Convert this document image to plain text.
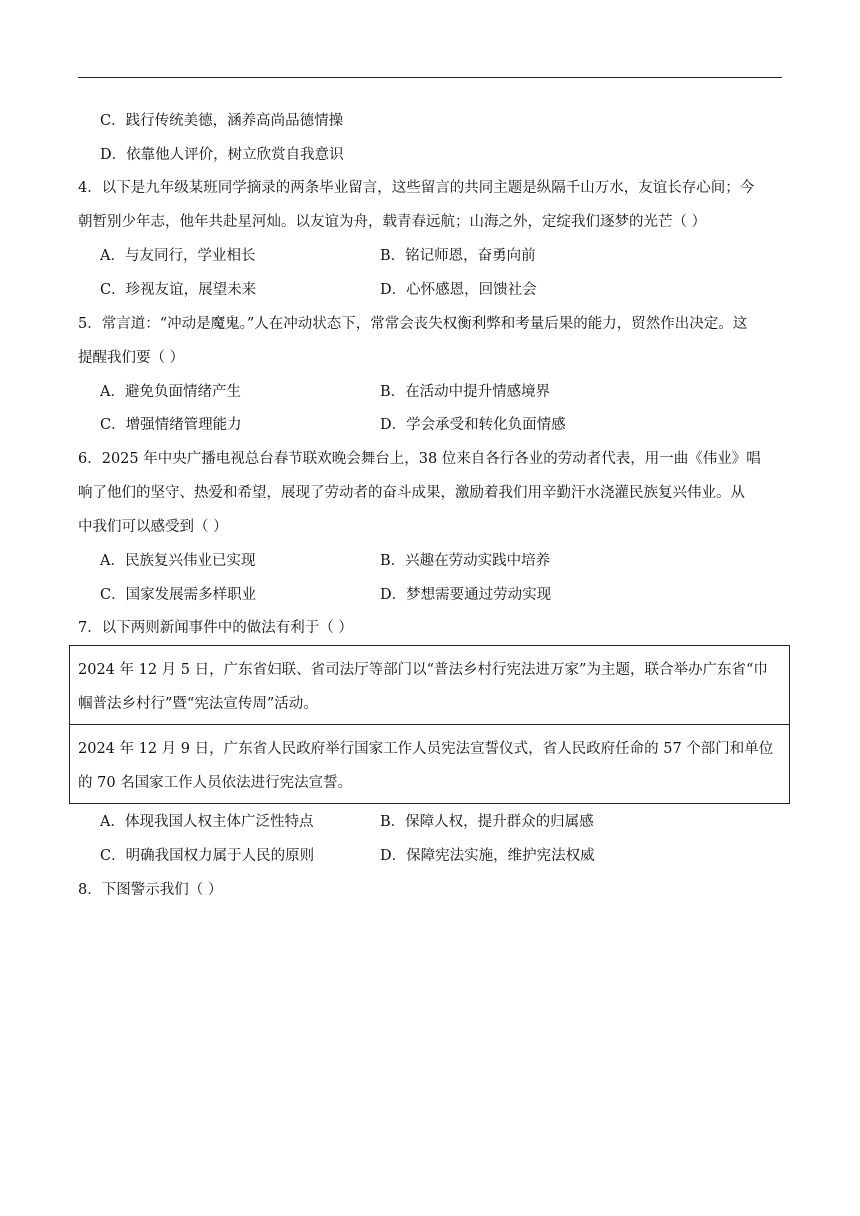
C．践行传统美德，涵养高尚品德情操
D．依靠他人评价，树立欣赏自我意识
4．以下是九年级某班同学摘录的两条毕业留言，这些留言的共同主题是纵隔千山万水，友谊长存心间；今
朝暂别少年志，他年共赴星河灿。以友谊为舟，载青春远航；山海之外，定绽我们逐梦的光芒（ ）
A．与友同行，学业相长	B．铭记师恩，奋勇向前
C．珍视友谊，展望未来	D．心怀感恩，回馈社会
5．常言道：“冲动是魔鬼。”人在冲动状态下，常常会丧失权衡利弊和考量后果的能力，贸然作出决定。这
提醒我们要（ ）
A．避免负面情绪产生	B．在活动中提升情感境界
C．增强情绪管理能力	D．学会承受和转化负面情感
6．2025 年中央广播电视总台春节联欢晚会舞台上，38 位来自各行各业的劳动者代表，用一曲《伟业》唱
响了他们的坚守、热爱和希望，展现了劳动者的奋斗成果，激励着我们用辛勤汗水浇灌民族复兴伟业。从
中我们可以感受到（ ）
A．民族复兴伟业已实现	B．兴趣在劳动实践中培养
C．国家发展需多样职业	D．梦想需要通过劳动实现
7．以下两则新闻事件中的做法有利于（ ）
2024 年 12 月 5 日，广东省妇联、省司法厅等部门以“普法乡村行宪法进万家”为主题，联合举办广东省“巾
帼普法乡村行”暨“宪法宣传周”活动。
2024 年 12 月 9 日，广东省人民政府举行国家工作人员宪法宣誓仪式，省人民政府任命的 57 个部门和单位
的 70 名国家工作人员依法进行宪法宣誓。
A．体现我国人权主体广泛性特点	B．保障人权，提升群众的归属感
C．明确我国权力属于人民的原则	D．保障宪法实施，维护宪法权威
8．下图警示我们（ ）
